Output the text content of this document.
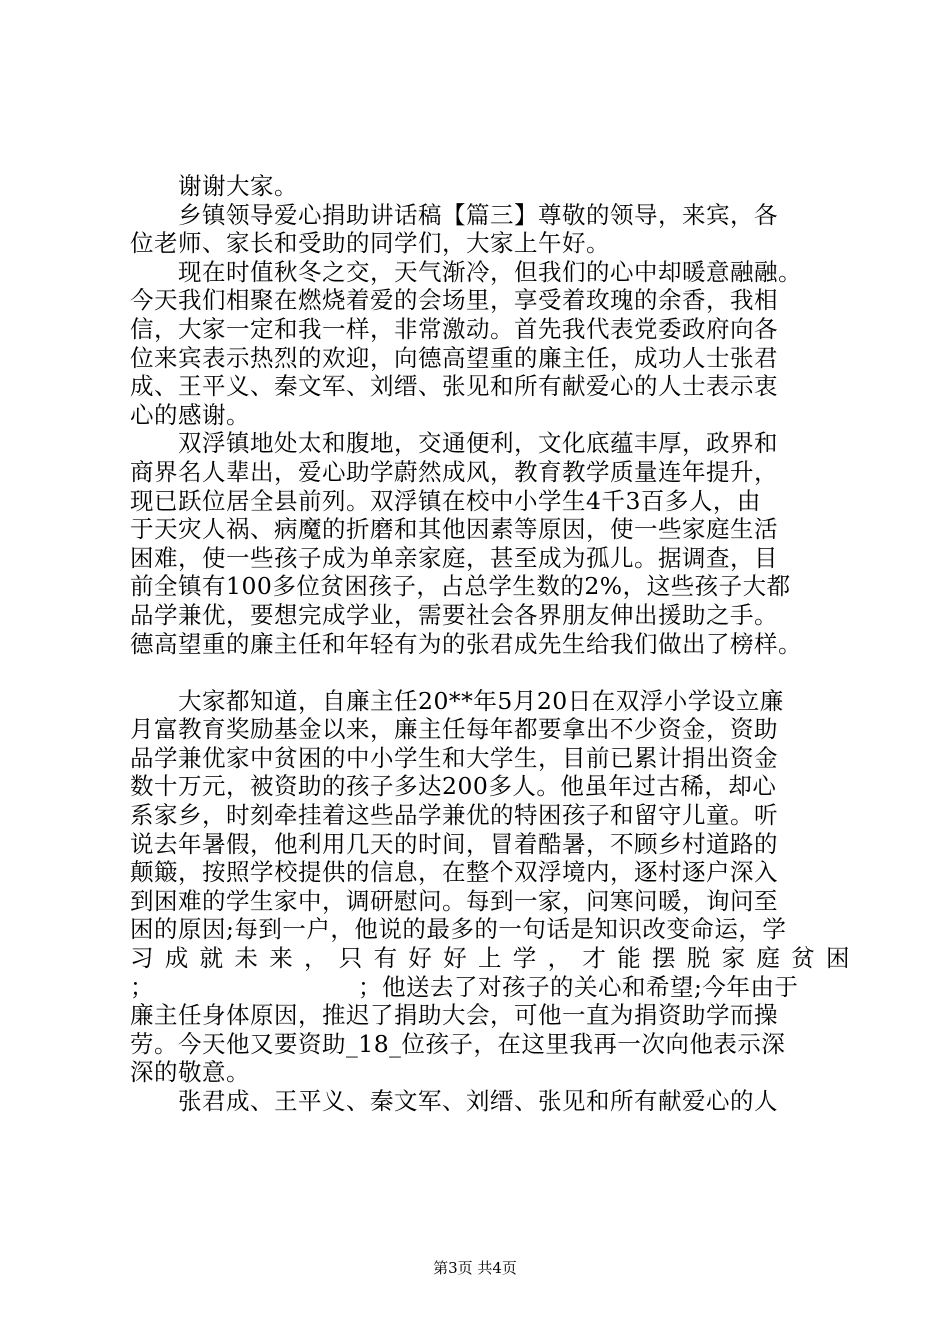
谢谢大家。
乡镇领导爱心捐助讲话稿【篇三】尊敬的领导，来宾，各
位老师、家长和受助的同学们，大家上午好。
现在时值秋冬之交，天气渐冷，但我们的心中却暖意融融。
今天我们相聚在燃烧着爱的会场里，享受着玫瑰的余香，我相
信，大家一定和我一样，非常激动。首先我代表党委政府向各
位来宾表示热烈的欢迎，向德高望重的廉主任，成功人士张君
成、王平义、秦文军、刘缙、张见和所有献爱心的人士表示衷
心的感谢。
双浮镇地处太和腹地，交通便利，文化底蕴丰厚，政界和
商界名人辈出，爱心助学蔚然成风，教育教学质量连年提升，
现已跃位居全县前列。双浮镇在校中小学生4千3百多人，由
于天灾人祸、病魔的折磨和其他因素等原因，使一些家庭生活
困难，使一些孩子成为单亲家庭，甚至成为孤儿。据调查，目
前全镇有100多位贫困孩子，占总学生数的2%，这些孩子大都
品学兼优，要想完成学业，需要社会各界朋友伸出援助之手。
德高望重的廉主任和年轻有为的张君成先生给我们做出了榜样。
大家都知道，自廉主任20**年5月20日在双浮小学设立廉
月富教育奖励基金以来，廉主任每年都要拿出不少资金，资助
品学兼优家中贫困的中小学生和大学生，目前已累计捐出资金
数十万元，被资助的孩子多达200多人。他虽年过古稀，却心
系家乡，时刻牵挂着这些品学兼优的特困孩子和留守儿童。听
说去年暑假，他利用几天的时间，冒着酷暑，不顾乡村道路的
颠簸，按照学校提供的信息，在整个双浮境内，逐村逐户深入
到困难的学生家中，调研慰问。每到一家，问寒问暖，询问至
困的原因;每到一户，他说的最多的一句话是知识改变命运，学
习 成 就 未 来 ， 只 有 好 好 上 学 ， 才 能 摆 脱 家 庭 贫 困
；	；他送去了对孩子的关心和希望;今年由于
廉主任身体原因，推迟了捐助大会，可他一直为捐资助学而操
劳。今天他又要资助_18_位孩子，在这里我再一次向他表示深
深的敬意。
张君成、王平义、秦文军、刘缙、张见和所有献爱心的人
第3页 共4页
